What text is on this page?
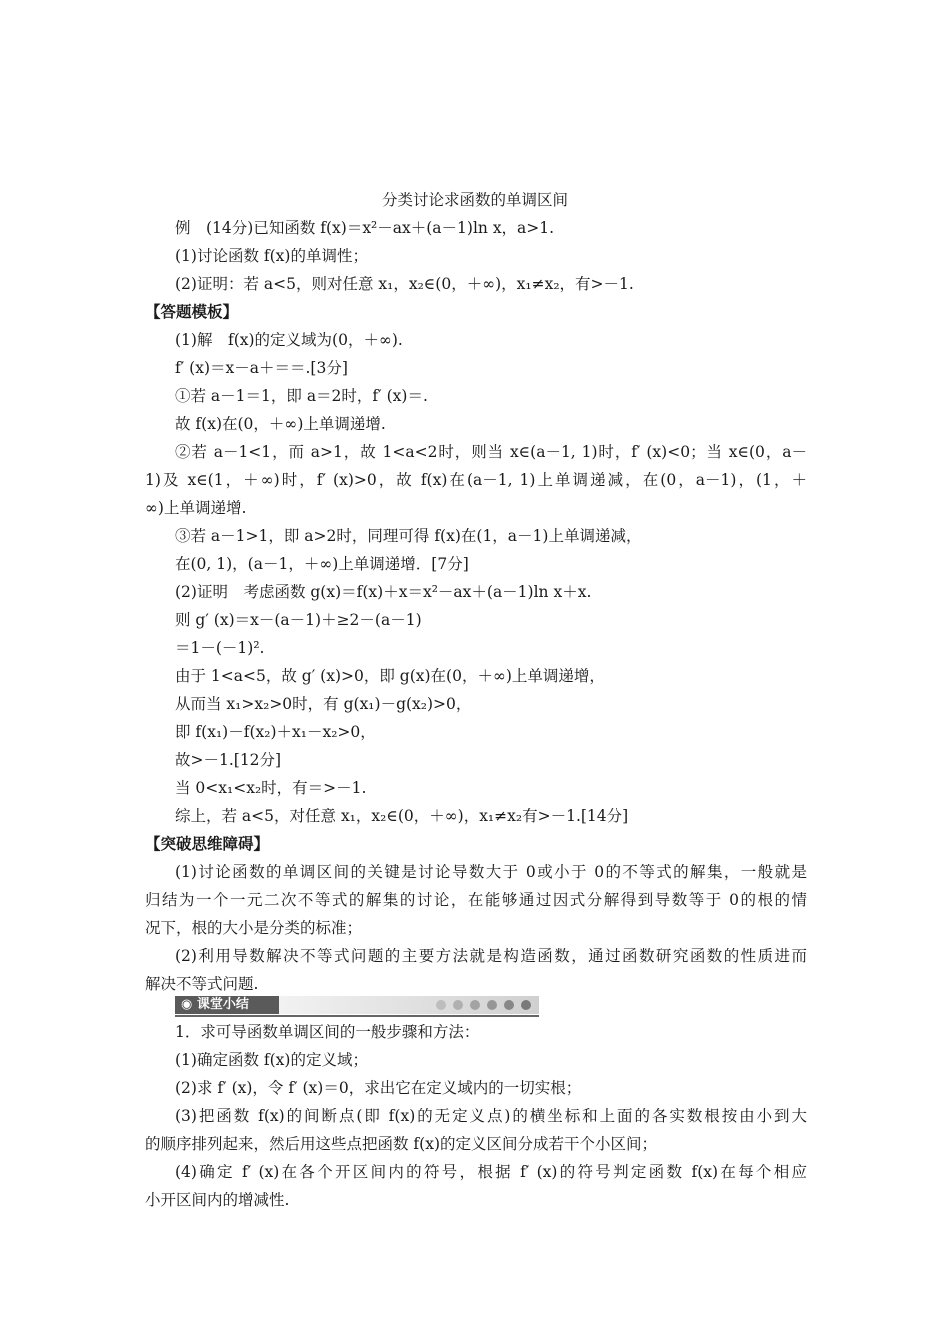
分类讨论求函数的单调区间
例　(14分)已知函数 f(x)＝x²－ax＋(a－1)ln x，a>1.
(1)讨论函数 f(x)的单调性；
(2)证明：若 a<5，则对任意 x₁，x₂∈(0，＋∞)，x₁≠x₂，有>－1.
【答题模板】
(1)解　f(x)的定义域为(0，＋∞).
f′ (x)＝x－a＋＝＝.[3分]
①若 a－1＝1，即 a＝2时，f′ (x)＝.
故 f(x)在(0，＋∞)上单调递增.
②若 a－1<1，而 a>1，故 1<a<2时，则当 x∈(a－1, 1)时，f′ (x)<0；当 x∈(0，a－
1)及 x∈(1，＋∞)时，f′ (x)>0，故 f(x)在(a－1, 1)上单调递减，在(0，a－1)，(1，＋
∞)上单调递增.
③若 a－1>1，即 a>2时，同理可得 f(x)在(1，a－1)上单调递减，
在(0, 1)，(a－1，＋∞)上单调递增．[7分]
(2)证明　考虑函数 g(x)＝f(x)＋x＝x²－ax＋(a－1)ln x＋x.
则 g′ (x)＝x－(a－1)＋≥2－(a－1)
＝1－(－1)².
由于 1<a<5，故 g′ (x)>0，即 g(x)在(0，＋∞)上单调递增，
从而当 x₁>x₂>0时，有 g(x₁)－g(x₂)>0，
即 f(x₁)－f(x₂)＋x₁－x₂>0，
故>－1.[12分]
当 0<x₁<x₂时，有＝>－1.
综上，若 a<5，对任意 x₁，x₂∈(0，＋∞)，x₁≠x₂有>－1.[14分]
【突破思维障碍】
(1)讨论函数的单调区间的关键是讨论导数大于 0或小于 0的不等式的解集，一般就是
归结为一个一元二次不等式的解集的讨论，在能够通过因式分解得到导数等于 0的根的情
况下，根的大小是分类的标准；
(2)利用导数解决不等式问题的主要方法就是构造函数，通过函数研究函数的性质进而
解决不等式问题.
◉ 课堂小结
1．求可导函数单调区间的一般步骤和方法：
(1)确定函数 f(x)的定义域；
(2)求 f′ (x)，令 f′ (x)＝0，求出它在定义域内的一切实根；
(3)把函数 f(x)的间断点(即 f(x)的无定义点)的横坐标和上面的各实数根按由小到大
的顺序排列起来，然后用这些点把函数 f(x)的定义区间分成若干个小区间；
(4)确定 f′ (x)在各个开区间内的符号，根据 f′ (x)的符号判定函数 f(x)在每个相应
小开区间内的增减性.
